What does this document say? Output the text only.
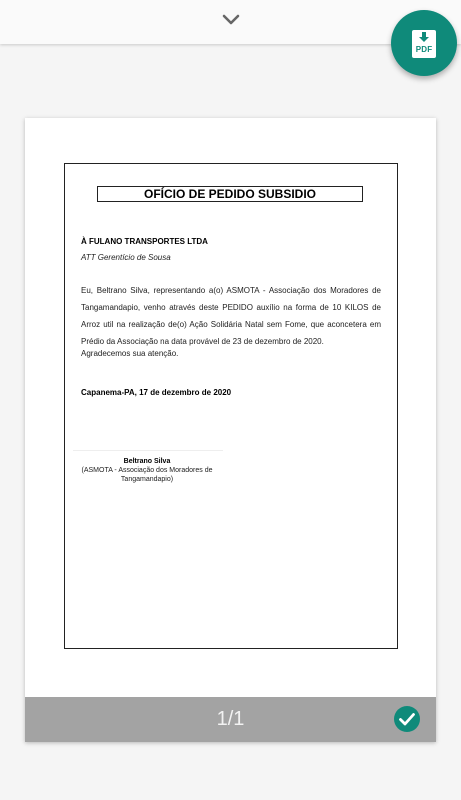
PDF
OFÍCIO DE PEDIDO SUBSIDIO
À FULANO TRANSPORTES LTDA
ATT Gerentício de Sousa
Eu, Beltrano Silva, representando a(o) ASMOTA - Associação dos Moradores de Tangamandapio, venho através deste PEDIDO auxílio na forma de 10 KILOS de Arroz util na realização de(o) Ação Solidária Natal sem Fome, que aconcetera em Prédio da Associação na data provável de 23 de dezembro de 2020.
Agradecemos sua atenção.
Capanema-PA, 17 de dezembro de 2020
Beltrano Silva
(ASMOTA - Associação dos Moradores de Tangamandapio)
1/1
